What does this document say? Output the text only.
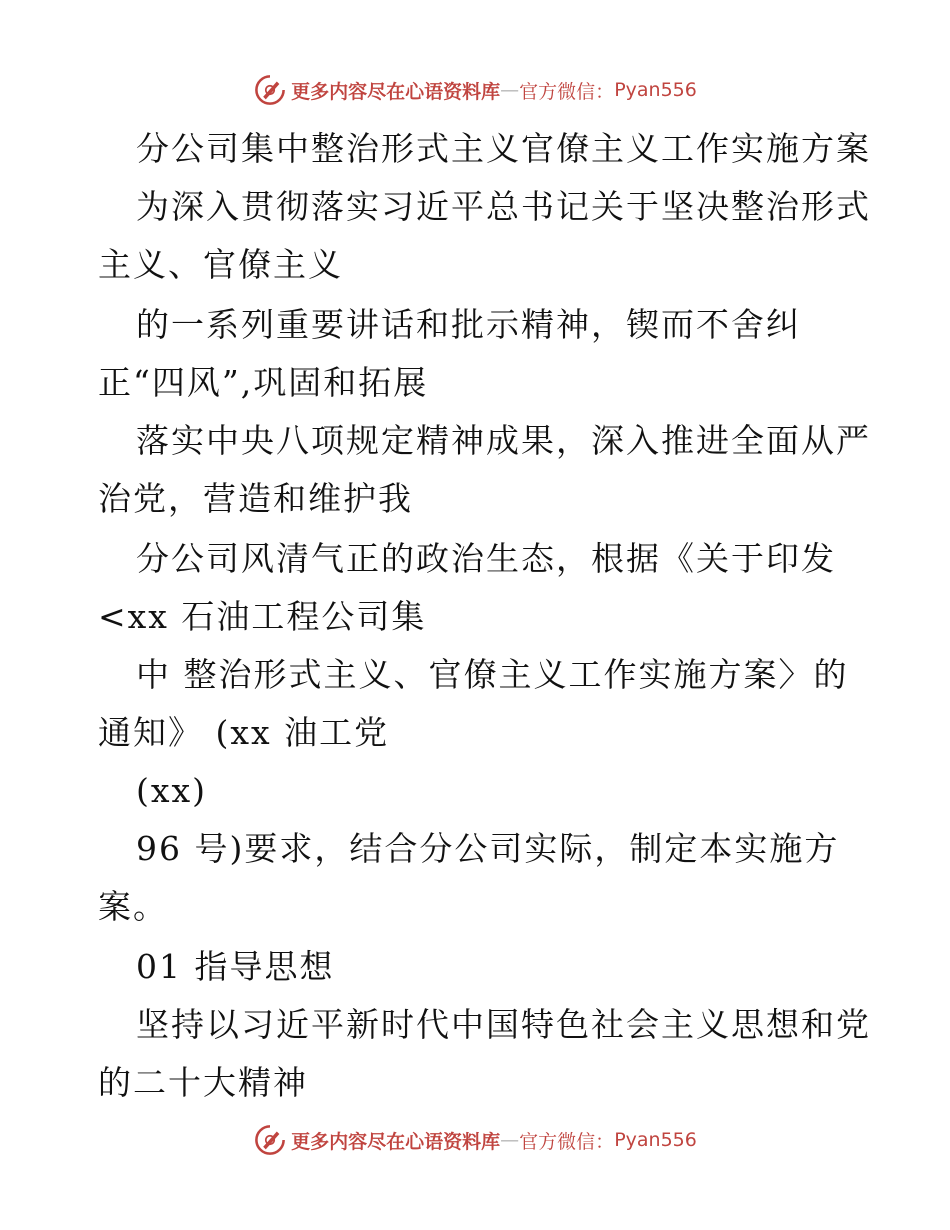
更多内容尽在心语资料库 — 官方微信： Pyan556
分公司集中整治形式主义官僚主义工作实施方案
为深入贯彻落实习近平总书记关于坚决整治形式
主义、官僚主义
的一系列重要讲话和批示精神，锲而不舍纠
正“四风”,巩固和拓展
落实中央八项规定精神成果，深入推进全面从严
治党，营造和维护我
分公司风清气正的政治生态，根据《关于印发
<xx 石油工程公司集
中 整治形式主义、官僚主义工作实施方案〉的
通知》 (xx 油工党
(xx)
96 号)要求，结合分公司实际，制定本实施方
案。
01 指导思想
坚持以习近平新时代中国特色社会主义思想和党
的二十大精神
更多内容尽在心语资料库 — 官方微信： Pyan556
